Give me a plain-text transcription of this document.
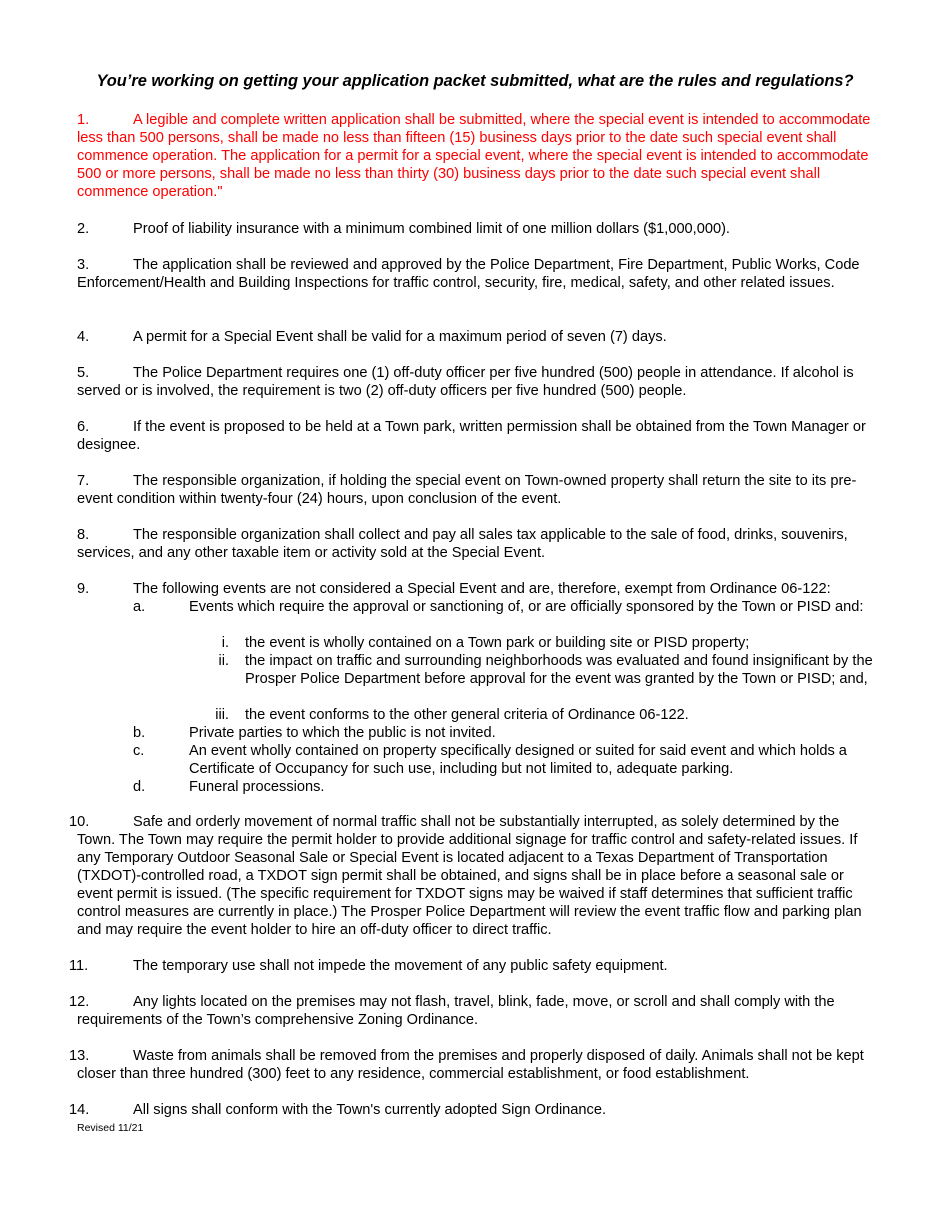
You’re working on getting your application packet submitted, what are the rules and regulations?
1.	A legible and complete written application shall be submitted, where the special event is intended to accommodate less than 500 persons, shall be made no less than fifteen (15) business days prior to the date such special event shall commence operation. The application for a permit for a special event, where the special event is intended to accommodate 500 or more persons, shall be made no less than thirty (30) business days prior to the date such special event shall commence operation."
2.	Proof of liability insurance with a minimum combined limit of one million dollars ($1,000,000).
3.	The application shall be reviewed and approved by the Police Department, Fire Department, Public Works, Code Enforcement/Health and Building Inspections for traffic control, security, fire, medical, safety, and other related issues.
4.	A permit for a Special Event shall be valid for a maximum period of seven (7) days.
5.	The Police Department requires one (1) off-duty officer per five hundred (500) people in attendance. If alcohol is served or is involved, the requirement is two (2) off-duty officers per five hundred (500) people.
6.	If the event is proposed to be held at a Town park, written permission shall be obtained from the Town Manager or designee.
7.	The responsible organization, if holding the special event on Town-owned property shall return the site to its pre-event condition within twenty-four (24) hours, upon conclusion of the event.
8.	The responsible organization shall collect and pay all sales tax applicable to the sale of food, drinks, souvenirs, services, and any other taxable item or activity sold at the Special Event.
9.	The following events are not considered a Special Event and are, therefore, exempt from Ordinance 06-122:
a.	Events which require the approval or sanctioning of, or are officially sponsored by the Town or PISD and:
i. the event is wholly contained on a Town park or building site or PISD property;
ii. the impact on traffic and surrounding neighborhoods was evaluated and found insignificant by the Prosper Police Department before approval for the event was granted by the Town or PISD; and,
iii. the event conforms to the other general criteria of Ordinance 06-122.
b.	Private parties to which the public is not invited.
c.	An event wholly contained on property specifically designed or suited for said event and which holds a Certificate of Occupancy for such use, including but not limited to, adequate parking.
d.	Funeral processions.
10.	Safe and orderly movement of normal traffic shall not be substantially interrupted, as solely determined by the Town. The Town may require the permit holder to provide additional signage for traffic control and safety-related issues. If any Temporary Outdoor Seasonal Sale or Special Event is located adjacent to a Texas Department of Transportation (TXDOT)-controlled road, a TXDOT sign permit shall be obtained, and signs shall be in place before a seasonal sale or event permit is issued. (The specific requirement for TXDOT signs may be waived if staff determines that sufficient traffic control measures are currently in place.) The Prosper Police Department will review the event traffic flow and parking plan and may require the event holder to hire an off-duty officer to direct traffic.
11.	The temporary use shall not impede the movement of any public safety equipment.
12.	Any lights located on the premises may not flash, travel, blink, fade, move, or scroll and shall comply with the requirements of the Town’s comprehensive Zoning Ordinance.
13.	Waste from animals shall be removed from the premises and properly disposed of daily. Animals shall not be kept closer than three hundred (300) feet to any residence, commercial establishment, or food establishment.
14.	All signs shall conform with the Town's currently adopted Sign Ordinance.
Revised 11/21
